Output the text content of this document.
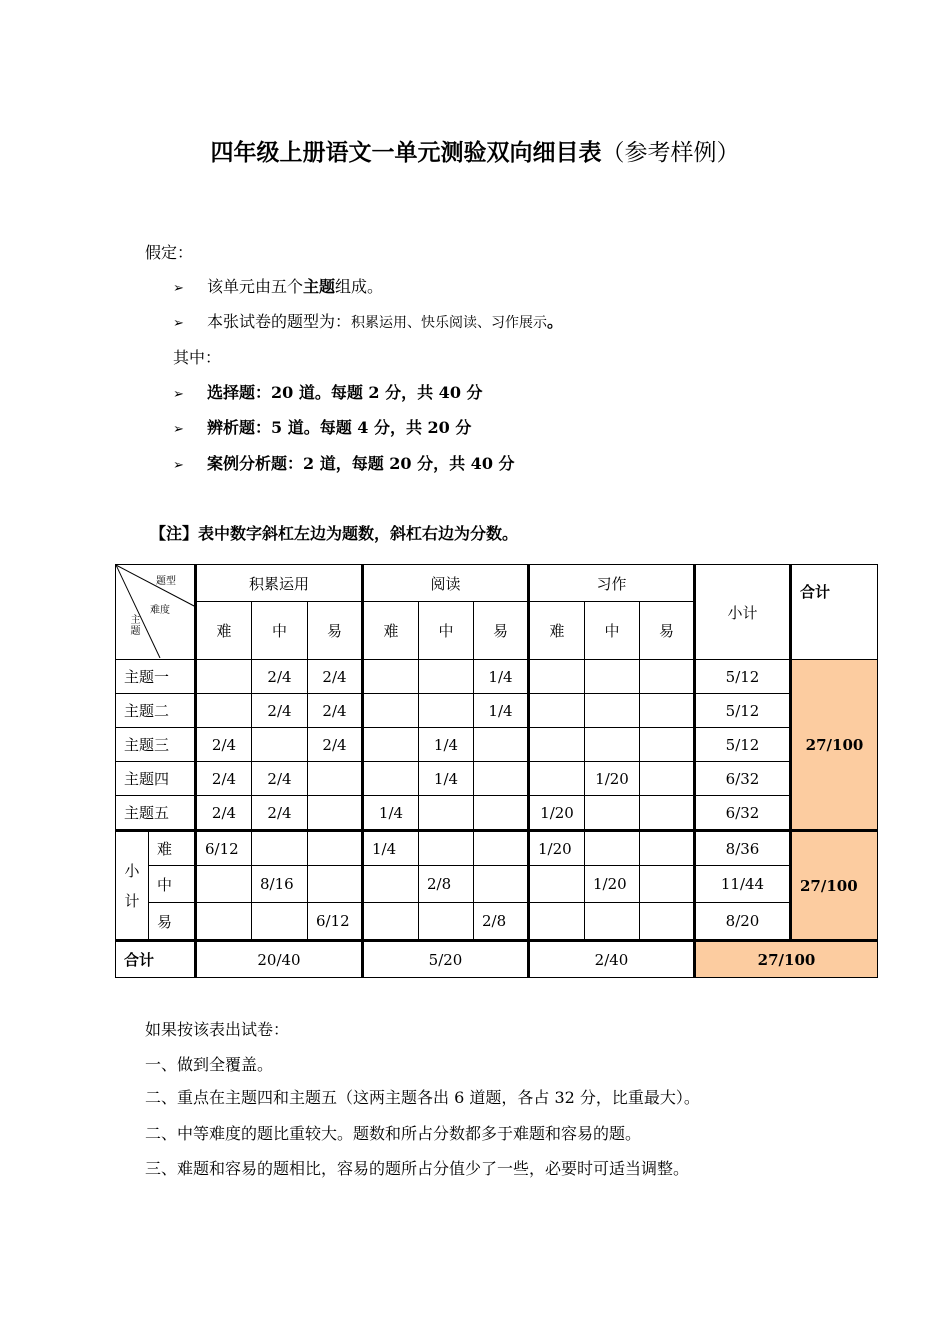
四年级上册语文一单元测验双向细目表（参考样例）
假定：
➢ 该单元由五个主题组成。
➢ 本张试卷的题型为：积累运用、快乐阅读、习作展示。
其中：
➢ 选择题：20 道。每题 2 分，共 40 分
➢ 辨析题：5 道。每题 4 分，共 20 分
➢ 案例分析题：2 道，每题 20 分，共 40 分
【注】表中数字斜杠左边为题数，斜杠右边为分数。
题型
难度
主题		积累运用			阅读			习作			小计	合计
		难	中	易	难	中	易	难	中	易		
主题一			2/4	2/4			1/4				5/12	27/100
主题二			2/4	2/4			1/4				5/12	
主题三		2/4		2/4		1/4					5/12	
主题四		2/4	2/4			1/4			1/20		6/32	
主题五		2/4	2/4		1/4			1/20			6/32	
小计	难	6/12			1/4			1/20			8/36	27/100
	中		8/16			2/8			1/20		11/44	
	易			6/12			2/8				8/20	
合计		20/40			5/20			2/40			27/100	
如果按该表出试卷：
一、做到全覆盖。
二、重点在主题四和主题五（这两主题各出 6 道题，各占 32 分，比重最大）。
二、中等难度的题比重较大。题数和所占分数都多于难题和容易的题。
三、难题和容易的题相比，容易的题所占分值少了一些，必要时可适当调整。
